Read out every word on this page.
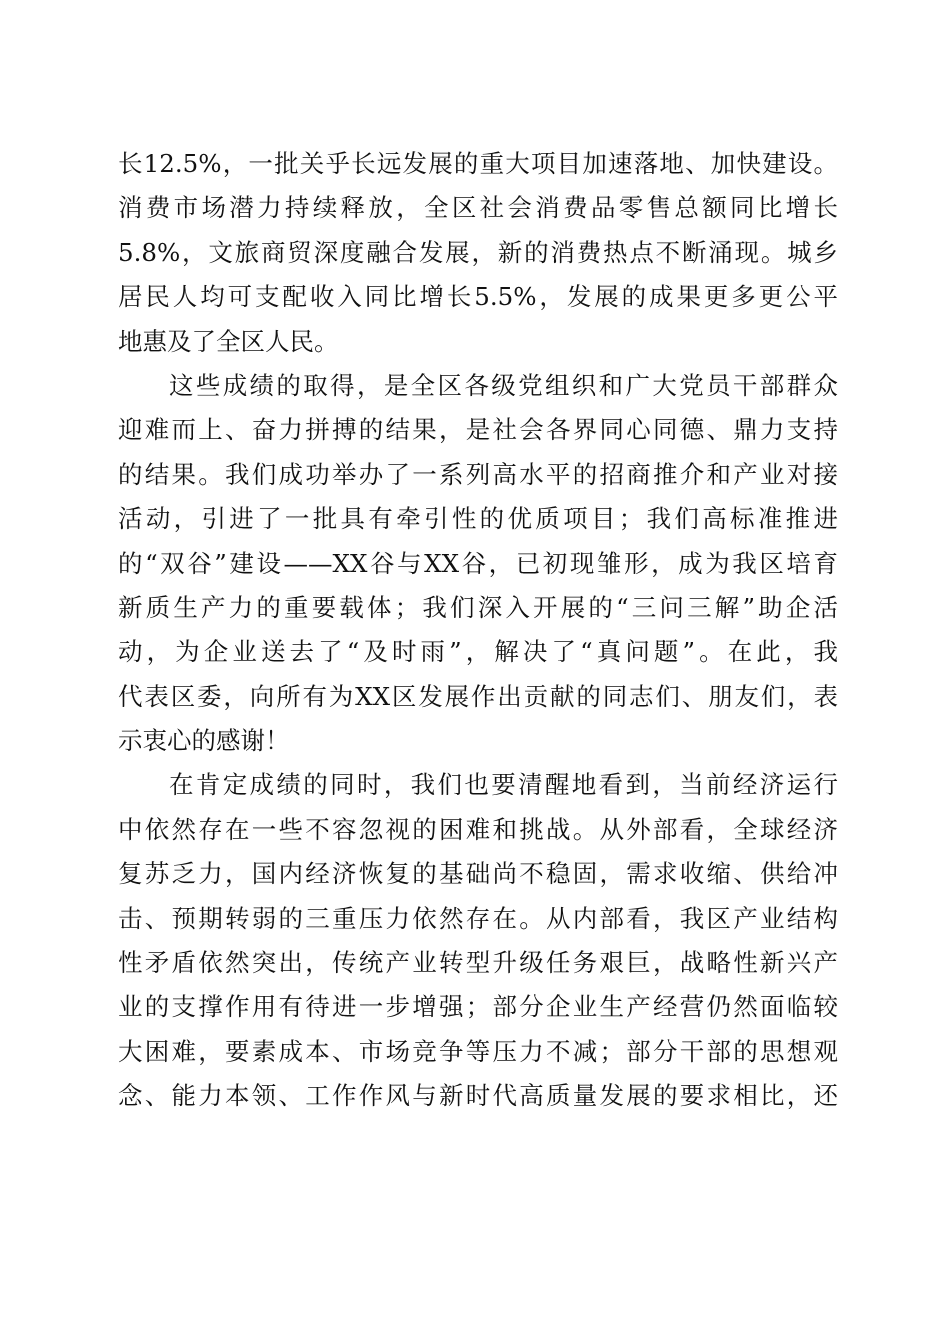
长12.5%，一批关乎长远发展的重大项目加速落地、加快建设。
消费市场潜力持续释放，全区社会消费品零售总额同比增长
5.8%，文旅商贸深度融合发展，新的消费热点不断涌现。城乡
居民人均可支配收入同比增长5.5%，发展的成果更多更公平
地惠及了全区人民。
这些成绩的取得，是全区各级党组织和广大党员干部群众
迎难而上、奋力拼搏的结果，是社会各界同心同德、鼎力支持
的结果。我们成功举办了一系列高水平的招商推介和产业对接
活动，引进了一批具有牵引性的优质项目；我们高标准推进
的“双谷”建设——XX谷与XX谷，已初现雏形，成为我区培育
新质生产力的重要载体；我们深入开展的“三问三解”助企活
动，为企业送去了“及时雨”，解决了“真问题”。在此，我
代表区委，向所有为XX区发展作出贡献的同志们、朋友们，表
示衷心的感谢！
在肯定成绩的同时，我们也要清醒地看到，当前经济运行
中依然存在一些不容忽视的困难和挑战。从外部看，全球经济
复苏乏力，国内经济恢复的基础尚不稳固，需求收缩、供给冲
击、预期转弱的三重压力依然存在。从内部看，我区产业结构
性矛盾依然突出，传统产业转型升级任务艰巨，战略性新兴产
业的支撑作用有待进一步增强；部分企业生产经营仍然面临较
大困难，要素成本、市场竞争等压力不减；部分干部的思想观
念、能力本领、工作作风与新时代高质量发展的要求相比，还
